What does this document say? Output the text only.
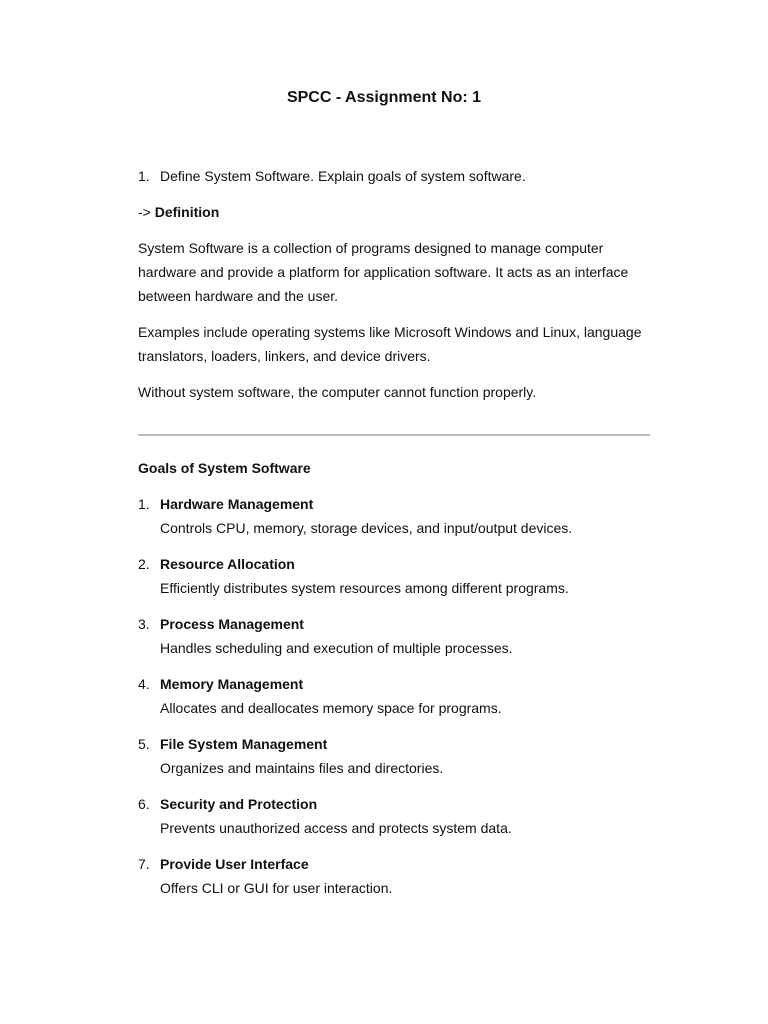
SPCC - Assignment No: 1
1. Define System Software. Explain goals of system software.
-> Definition

System Software is a collection of programs designed to manage computer hardware and provide a platform for application software. It acts as an interface between hardware and the user.

Examples include operating systems like Microsoft Windows and Linux, language translators, loaders, linkers, and device drivers.

Without system software, the computer cannot function properly.

Goals of System Software
1. Hardware Management
Controls CPU, memory, storage devices, and input/output devices.
2. Resource Allocation
Efficiently distributes system resources among different programs.
3. Process Management
Handles scheduling and execution of multiple processes.
4. Memory Management
Allocates and deallocates memory space for programs.
5. File System Management
Organizes and maintains files and directories.
6. Security and Protection
Prevents unauthorized access and protects system data.
7. Provide User Interface
Offers CLI or GUI for user interaction.
